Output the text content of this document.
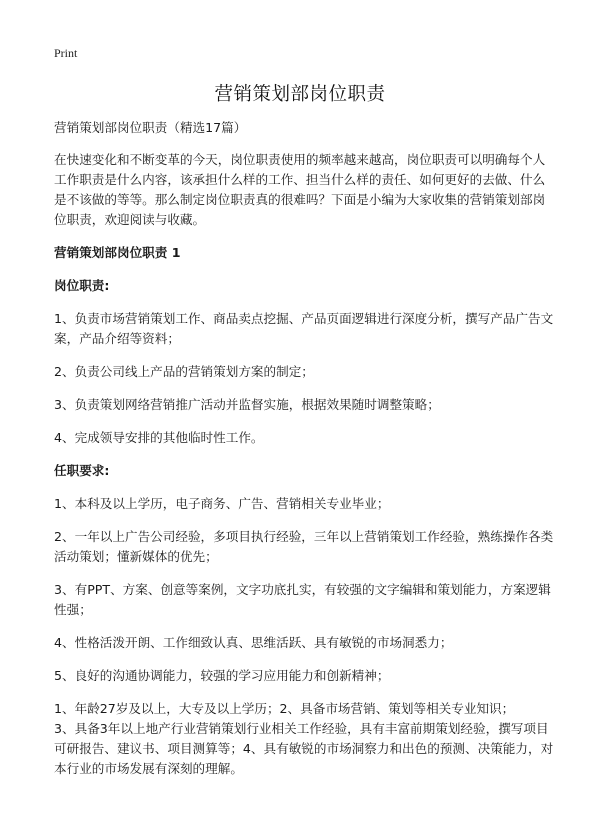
Print
营销策划部岗位职责

营销策划部岗位职责（精选17篇）

在快速变化和不断变革的今天，岗位职责使用的频率越来越高，岗位职责可以明确每个人工作职责是什么内容，该承担什么样的工作、担当什么样的责任、如何更好的去做、什么是不该做的等等。那么制定岗位职责真的很难吗？下面是小编为大家收集的营销策划部岗位职责，欢迎阅读与收藏。

营销策划部岗位职责 1

岗位职责:

1、负责市场营销策划工作、商品卖点挖掘、产品页面逻辑进行深度分析，撰写产品广告文案，产品介绍等资料；

2、负责公司线上产品的营销策划方案的制定；

3、负责策划网络营销推广活动并监督实施，根据效果随时调整策略；

4、完成领导安排的其他临时性工作。

任职要求:

1、本科及以上学历，电子商务、广告、营销相关专业毕业；

2、一年以上广告公司经验，多项目执行经验，三年以上营销策划工作经验，熟练操作各类活动策划；懂新媒体的优先；

3、有PPT、方案、创意等案例，文字功底扎实，有较强的文字编辑和策划能力，方案逻辑性强；

4、性格活泼开朗、工作细致认真、思维活跃、具有敏锐的市场洞悉力；

5、良好的沟通协调能力，较强的学习应用能力和创新精神；

1、年龄27岁及以上，大专及以上学历；2、具备市场营销、策划等相关专业知识；

3、具备3年以上地产行业营销策划行业相关工作经验，具有丰富前期策划经验，撰写项目可研报告、建议书、项目测算等；4、具有敏锐的市场洞察力和出色的预测、决策能力，对本行业的市场发展有深刻的理解。
